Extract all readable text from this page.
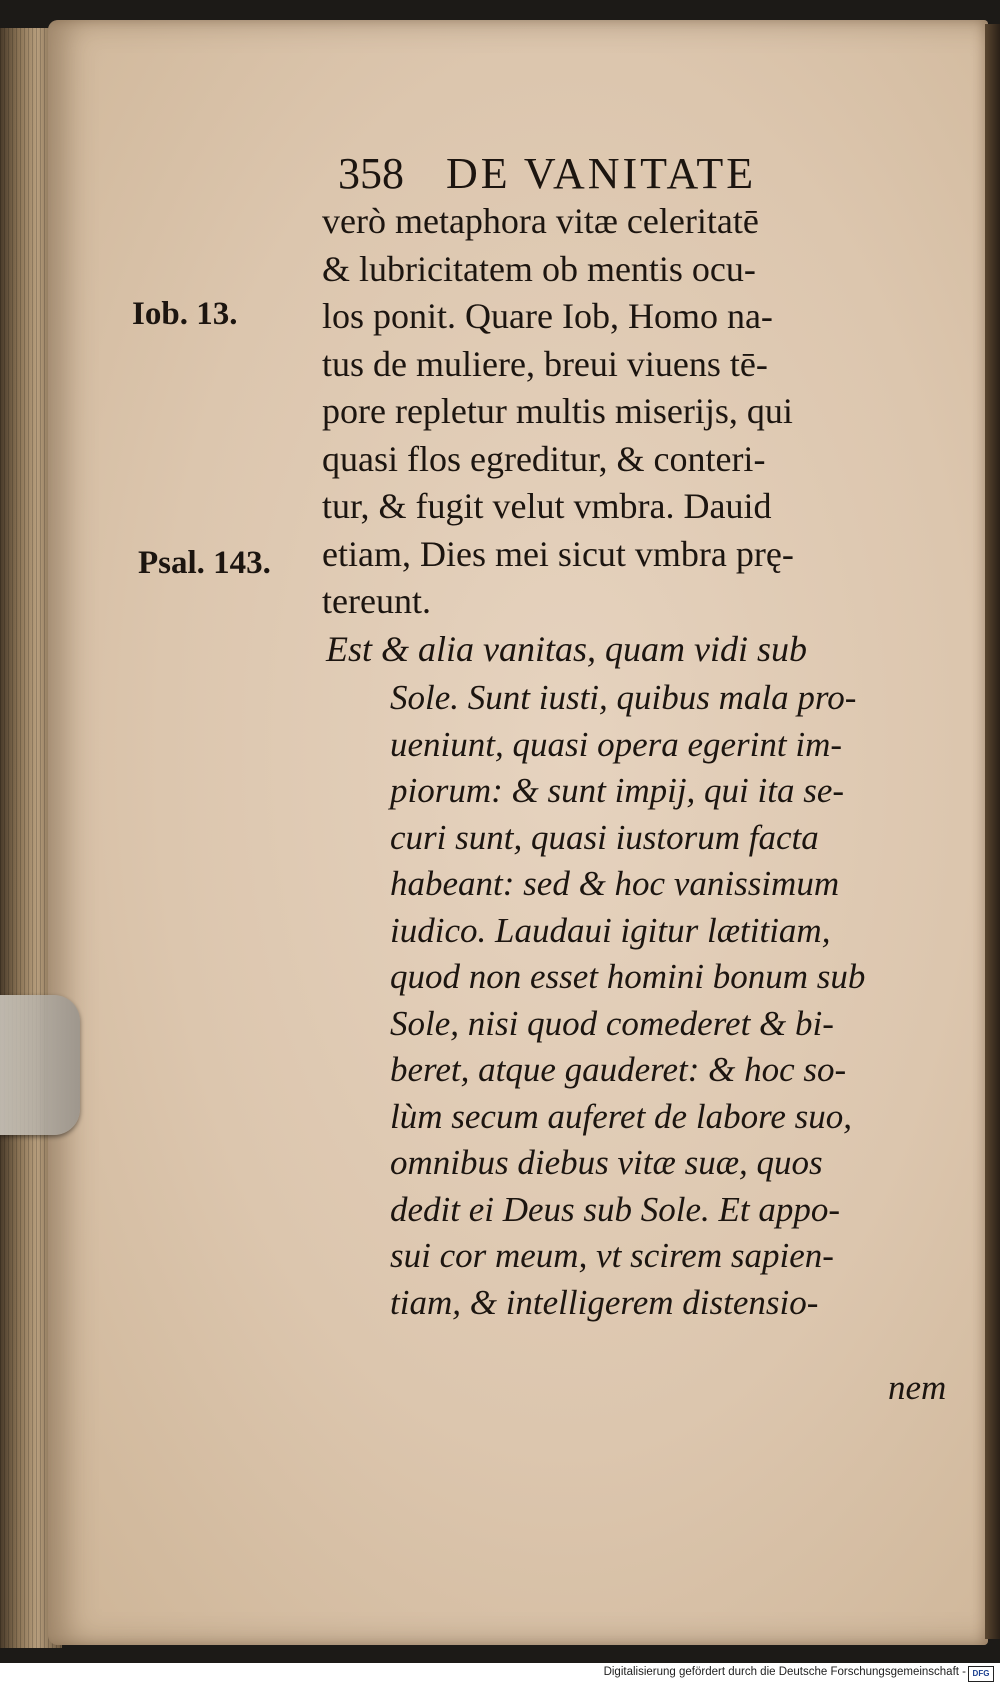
358 DE VANITATE
Iob. 13.
Psal. 143.
verò metaphora vitæ celeritatē
& lubricitatem ob mentis ocu-
los ponit. Quare Iob, Homo na-
tus de muliere, breui viuens tē-
pore repletur multis miserijs, qui
quasi flos egreditur, & conteri-
tur, & fugit velut vmbra. Dauid
etiam, Dies mei sicut vmbra prę-
tereunt.
Est & alia vanitas, quam vidi sub
Sole. Sunt iusti, quibus mala pro-
ueniunt, quasi opera egerint im-
piorum: & sunt impij, qui ita se-
curi sunt, quasi iustorum facta
habeant: sed & hoc vanissimum
iudico. Laudaui igitur lætitiam,
quod non esset homini bonum sub
Sole, nisi quod comederet & bi-
beret, atque gauderet: & hoc so-
lùm secum auferet de labore suo,
omnibus diebus vitæ suæ, quos
dedit ei Deus sub Sole. Et appo-
sui cor meum, vt scirem sapien-
tiam, & intelligerem distensio-
nem
Digitalisierung gefördert durch die Deutsche Forschungsgemeinschaft - DFG
